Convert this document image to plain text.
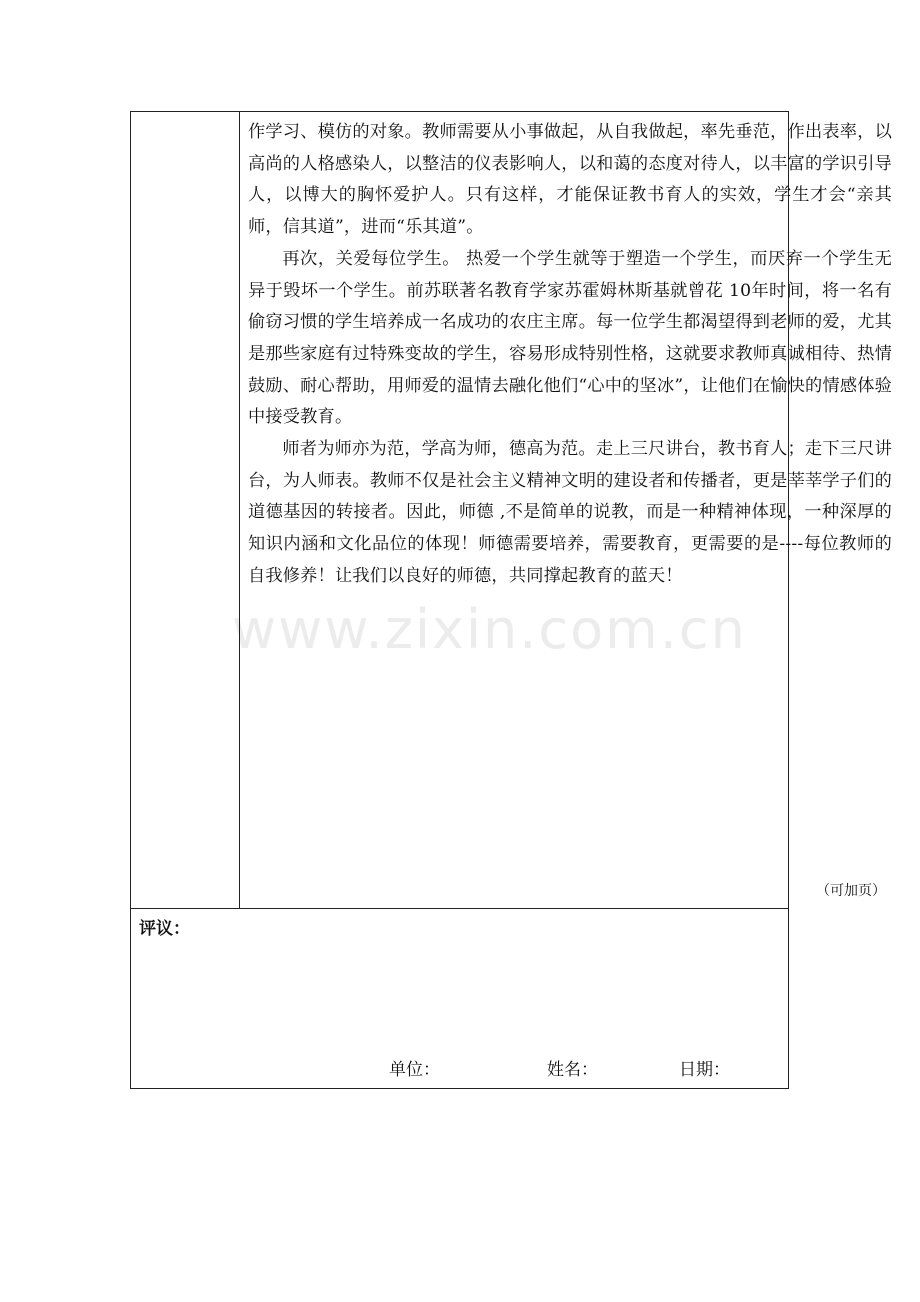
www.zixin.com.cn

作学习、模仿的对象。教师需要从小事做起，从自我做起，率先垂范，作出表率，以高尚的人格感染人，以整洁的仪表影响人，以和蔼的态度对待人，以丰富的学识引导人，以博大的胸怀爱护人。只有这样，才能保证教书育人的实效，学生才会“亲其师，信其道”，进而“乐其道”。

再次，关爱每位学生。 热爱一个学生就等于塑造一个学生，而厌弃一个学生无异于毁坏一个学生。前苏联著名教育学家苏霍姆林斯基就曾花 10年时间，将一名有偷窃习惯的学生培养成一名成功的农庄主席。每一位学生都渴望得到老师的爱，尤其是那些家庭有过特殊变故的学生，容易形成特别性格，这就要求教师真诚相待、热情鼓励、耐心帮助，用师爱的温情去融化他们“心中的坚冰”，让他们在愉快的情感体验中接受教育。

师者为师亦为范，学高为师，德高为范。走上三尺讲台，教书育人；走下三尺讲台，为人师表。教师不仅是社会主义精神文明的建设者和传播者，更是莘莘学子们的道德基因的转接者。因此，师德 ,不是简单的说教，而是一种精神体现，一种深厚的知识内涵和文化品位的体现！师德需要培养，需要教育，更需要的是----每位教师的自我修养！让我们以良好的师德，共同撑起教育的蓝天！

（可加页）
评议：
单位：	姓名：	日期：
